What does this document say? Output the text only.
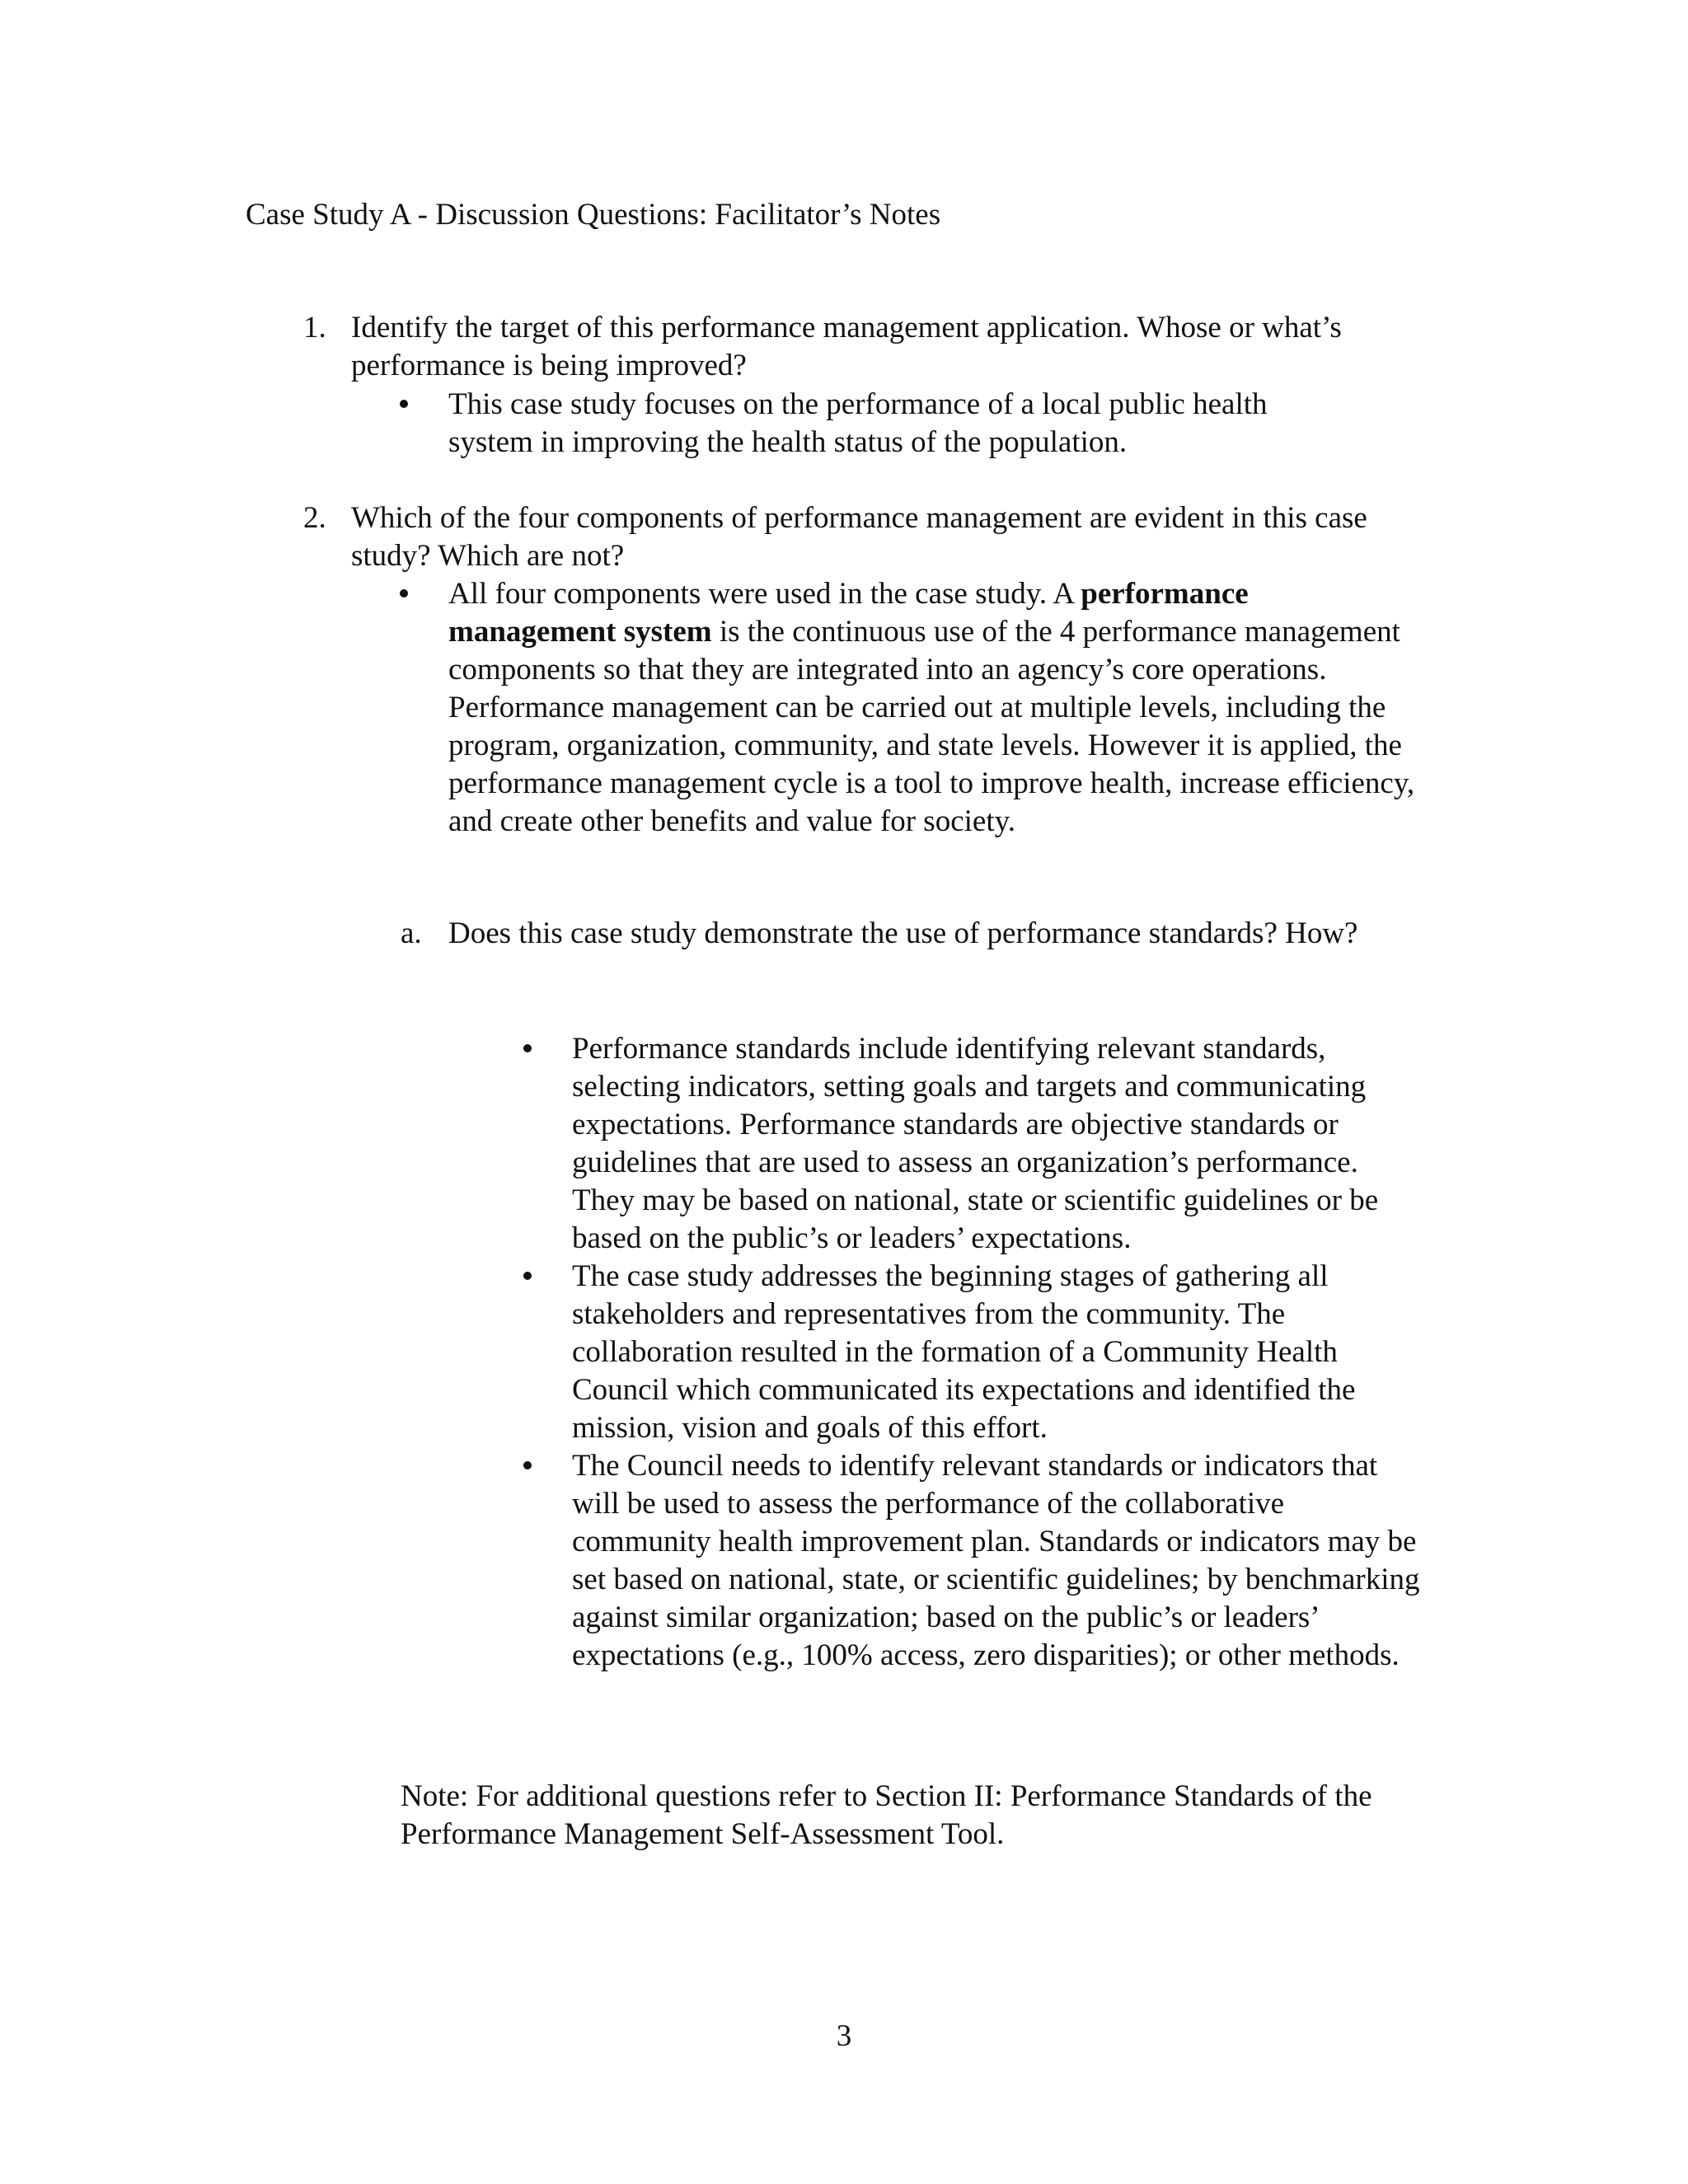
Case Study A - Discussion Questions: Facilitator’s Notes
1. Identify the target of this performance management application. Whose or what’s performance is being improved?
This case study focuses on the performance of a local public health system in improving the health status of the population.
2. Which of the four components of performance management are evident in this case study? Which are not?
All four components were used in the case study. A performance management system is the continuous use of the 4 performance management components so that they are integrated into an agency’s core operations. Performance management can be carried out at multiple levels, including the program, organization, community, and state levels. However it is applied, the performance management cycle is a tool to improve health, increase efficiency, and create other benefits and value for society.
a. Does this case study demonstrate the use of performance standards? How?
Performance standards include identifying relevant standards, selecting indicators, setting goals and targets and communicating expectations. Performance standards are objective standards or guidelines that are used to assess an organization’s performance. They may be based on national, state or scientific guidelines or be based on the public’s or leaders’ expectations.
The case study addresses the beginning stages of gathering all stakeholders and representatives from the community. The collaboration resulted in the formation of a Community Health Council which communicated its expectations and identified the mission, vision and goals of this effort.
The Council needs to identify relevant standards or indicators that will be used to assess the performance of the collaborative community health improvement plan. Standards or indicators may be set based on national, state, or scientific guidelines; by benchmarking against similar organization; based on the public’s or leaders’ expectations (e.g., 100% access, zero disparities); or other methods.
Note: For additional questions refer to Section II: Performance Standards of the Performance Management Self-Assessment Tool.
3
